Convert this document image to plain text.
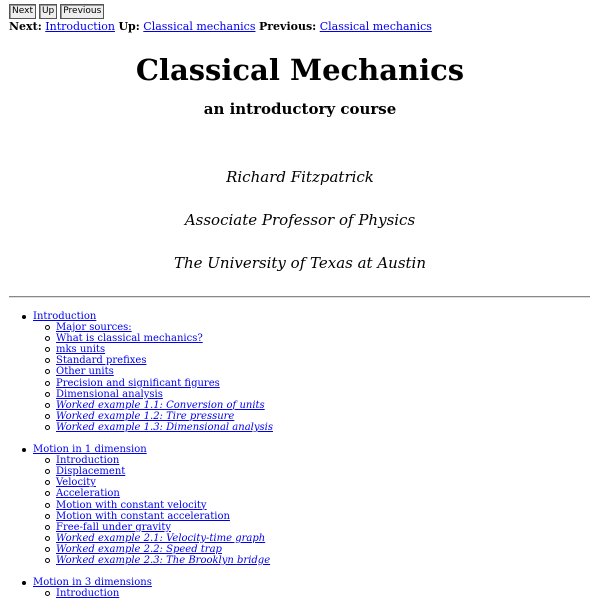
Next	Up	Previous
Next: Introduction Up: Classical mechanics Previous: Classical mechanics
Classical Mechanics
an introductory course
Richard Fitzpatrick
Associate Professor of Physics
The University of Texas at Austin
Introduction
Major sources:
What is classical mechanics?
mks units
Standard prefixes
Other units
Precision and significant figures
Dimensional analysis
Worked example 1.1: Conversion of units
Worked example 1.2: Tire pressure
Worked example 1.3: Dimensional analysis
Motion in 1 dimension
Introduction
Displacement
Velocity
Acceleration
Motion with constant velocity
Motion with constant acceleration
Free-fall under gravity
Worked example 2.1: Velocity-time graph
Worked example 2.2: Speed trap
Worked example 2.3: The Brooklyn bridge
Motion in 3 dimensions
Introduction
